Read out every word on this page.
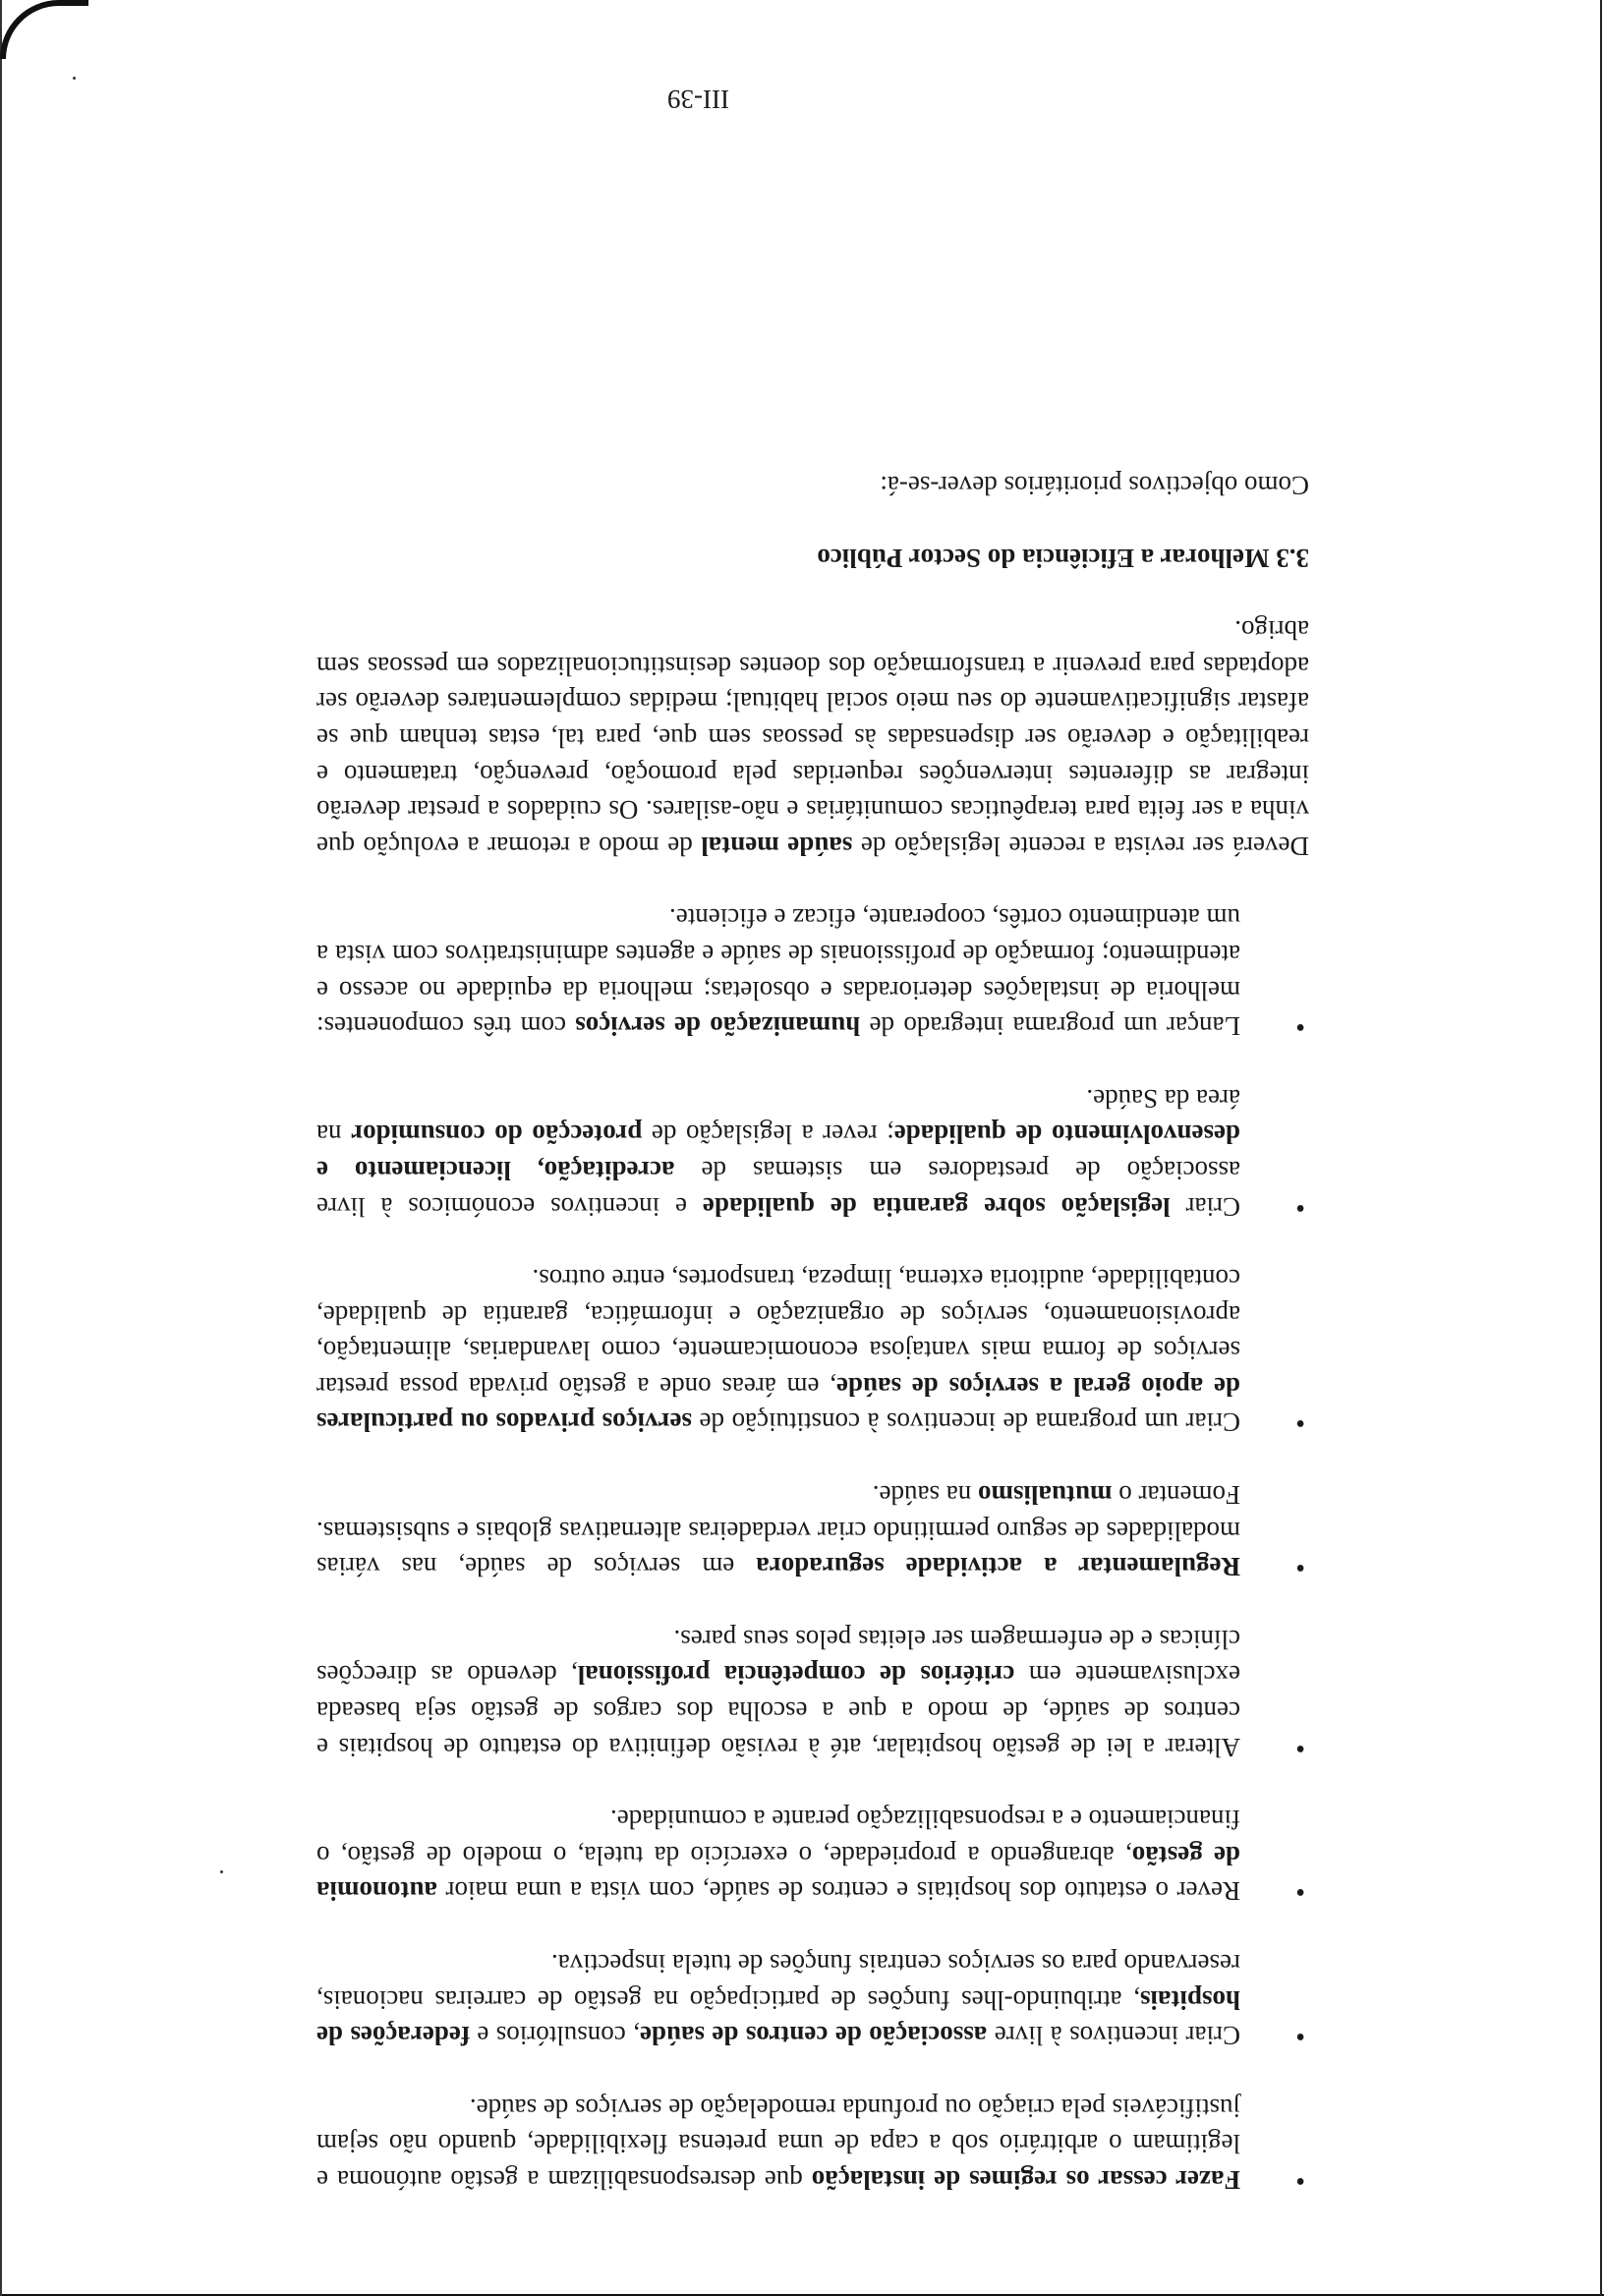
• Fazer cessar os regimes de instalação que desresponsabilizam a gestão autónoma e legitimam o arbitrário sob a capa de uma pretensa flexibilidade, quando não sejam justificáveis pela criação ou profunda remodelação de serviços de saúde.
• Criar incentivos à livre associação de centros de saúde, consultórios e federações de hospitais, atribuindo-lhes funções de participação na gestão de carreiras nacionais, reservando para os serviços centrais funções de tutela inspectiva.
• Rever o estatuto dos hospitais e centros de saúde, com vista a uma maior autonomia de gestão, abrangendo a propriedade, o exercício da tutela, o modelo de gestão, o financiamento e a responsabilização perante a comunidade.
• Alterar a lei de gestão hospitalar, até à revisão definitiva do estatuto de hospitais e centros de saúde, de modo a que a escolha dos cargos de gestão seja baseada exclusivamente em critérios de competência profissional, devendo as direcções clínicas e de enfermagem ser eleitas pelos seus pares.
• Regulamentar a actividade seguradora em serviços de saúde, nas várias modalidades de seguro permitindo criar verdadeiras alternativas globais e subsistemas. Fomentar o mutualismo na saúde.
• Criar um programa de incentivos à constituição de serviços privados ou particulares de apoio geral a serviços de saúde, em áreas onde a gestão privada possa prestar serviços de forma mais vantajosa economicamente, como lavandarias, alimentação, aprovisionamento, serviços de organização e informática, garantia de qualidade, contabilidade, auditoria externa, limpeza, transportes, entre outros.
• Criar legislação sobre garantia de qualidade e incentivos económicos à livre associação de prestadores em sistemas de acreditação, licenciamento e desenvolvimento de qualidade; rever a legislação de protecção do consumidor na área da Saúde.
• Lançar um programa integrado de humanização de serviços com três componentes: melhoria de instalações deterioradas e obsoletas; melhoria da equidade no acesso e atendimento; formação de profissionais de saúde e agentes administrativos com vista a um atendimento cortês, cooperante, eficaz e eficiente.

Deverá ser revista a recente legislação de saúde mental de modo a retomar a evolução que vinha a ser feita para terapêuticas comunitárias e não-asilares. Os cuidados a prestar deverão integrar as diferentes intervenções requeridas pela promoção, prevenção, tratamento e reabilitação e deverão ser dispensadas às pessoas sem que, para tal, estas tenham que se afastar significativamente do seu meio social habitual; medidas complementares deverão ser adoptadas para prevenir a transformação dos doentes desinstitucionalizados em pessoas sem abrigo.

3.3 Melhorar a Eficiência do Sector Público

Como objectivos prioritários dever-se-á:

III-39
